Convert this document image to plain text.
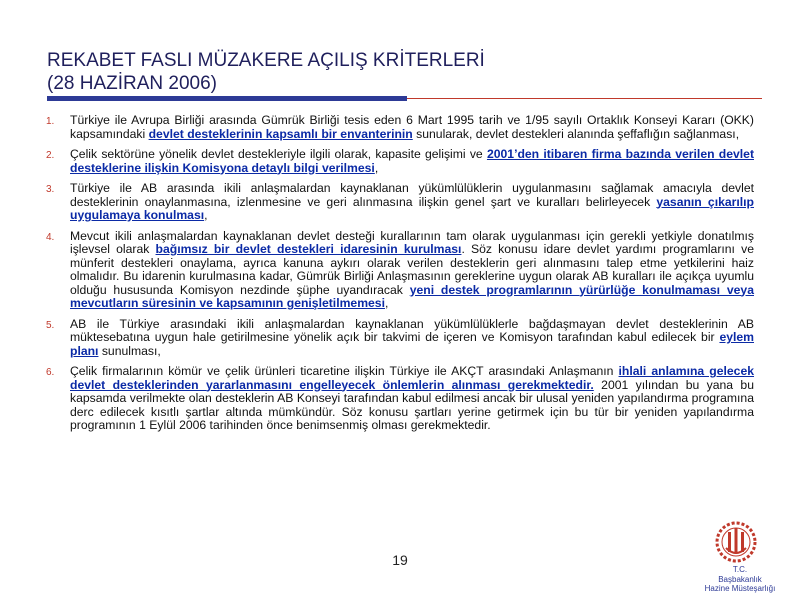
REKABET FASLI MÜZAKERE AÇILIŞ KRİTERLERİ
(28 HAZİRAN 2006)
1.	Türkiye ile Avrupa Birliği arasında Gümrük Birliği tesis eden 6 Mart 1995 tarih ve 1/95 sayılı Ortaklık Konseyi Kararı (OKK) kapsamındaki devlet desteklerinin kapsamlı bir envanterinin sunularak, devlet destekleri alanında şeffaflığın sağlanması,
2.	Çelik sektörüne yönelik devlet destekleriyle ilgili olarak, kapasite gelişimi ve 2001’den itibaren firma bazında verilen devlet desteklerine ilişkin Komisyona detaylı bilgi verilmesi,
3.	Türkiye ile AB arasında ikili anlaşmalardan kaynaklanan yükümlülüklerin uygulanmasını sağlamak amacıyla devlet desteklerinin onaylanmasına, izlenmesine ve geri alınmasına ilişkin genel şart ve kuralları belirleyecek yasanın çıkarılıp uygulamaya konulması,
4.	Mevcut ikili anlaşmalardan kaynaklanan devlet desteği kurallarının tam olarak uygulanması için gerekli yetkiyle donatılmış işlevsel olarak bağımsız bir devlet destekleri idaresinin kurulması. Söz konusu idare devlet yardımı programlarını ve münferit destekleri onaylama, ayrıca kanuna aykırı olarak verilen desteklerin geri alınmasını talep etme yetkilerini haiz olmalıdır. Bu idarenin kurulmasına kadar, Gümrük Birliği Anlaşmasının gereklerine uygun olarak AB kuralları ile açıkça uyumlu olduğu hususunda Komisyon nezdinde şüphe uyandıracak yeni destek programlarının yürürlüğe konulmaması veya mevcutların süresinin ve kapsamının genişletilmemesi,
5.	AB ile Türkiye arasındaki ikili anlaşmalardan kaynaklanan yükümlülüklerle bağdaşmayan devlet desteklerinin AB müktesebatına uygun hale getirilmesine yönelik açık bir takvimi de içeren ve Komisyon tarafından kabul edilecek bir eylem planı sunulması,
6.	Çelik firmalarının kömür ve çelik ürünleri ticaretine ilişkin Türkiye ile AKÇT arasındaki Anlaşmanın ihlali anlamına gelecek devlet desteklerinden yararlanmasını engelleyecek önlemlerin alınması gerekmektedir. 2001 yılından bu yana bu kapsamda verilmekte olan desteklerin AB Konseyi tarafından kabul edilmesi ancak bir ulusal yeniden yapılandırma programına derc edilecek kısıtlı şartlar altında mümkündür. Söz konusu şartları yerine getirmek için bu tür bir yeniden yapılandırma programının 1 Eylül 2006 tarihinden önce benimsenmiş olması gerekmektedir.
19
T.C.
Başbakanlık
Hazine Müsteşarlığı
